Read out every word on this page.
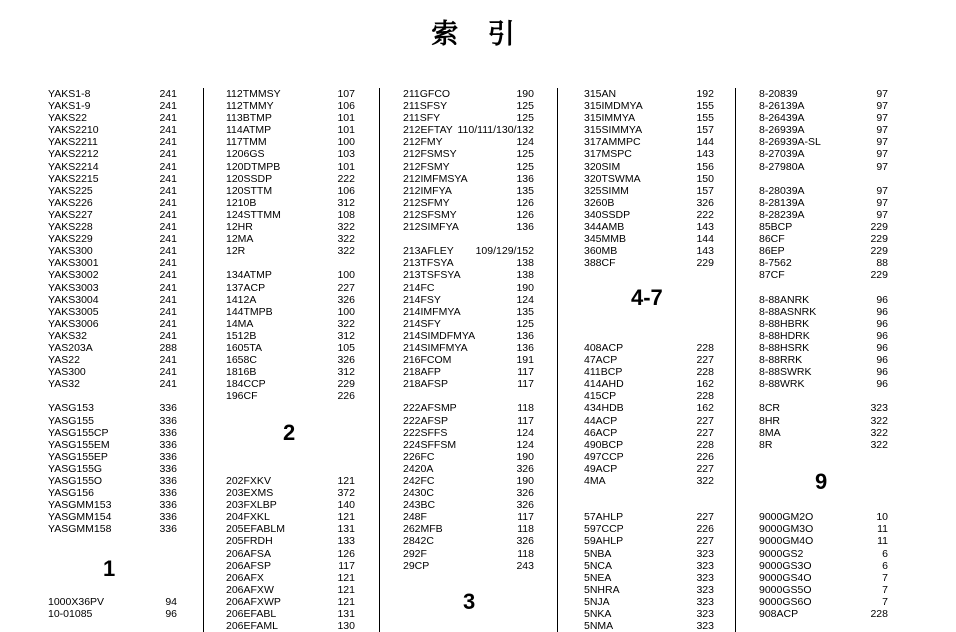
索 引
YAKS1-8	241
YAKS1-9	241
YAKS22	241
YAKS2210	241
YAKS2211	241
YAKS2212	241
YAKS2214	241
YAKS2215	241
YAKS225	241
YAKS226	241
YAKS227	241
YAKS228	241
YAKS229	241
YAKS300	241
YAKS3001	241
YAKS3002	241
YAKS3003	241
YAKS3004	241
YAKS3005	241
YAKS3006	241
YAKS32	241
YAS203A	288
YAS22	241
YAS300	241
YAS32	241
YASG153	336
YASG155	336
YASG155CP	336
YASG155EM	336
YASG155EP	336
YASG155G	336
YASG155O	336
YASG156	336
YASGMM153	336
YASGMM154	336
YASGMM158	336
1000X36PV	94
10-01085	96
112TMMSY	107
112TMMY	106
113BTMP	101
114ATMP	101
117TMM	100
1206GS	103
120DTMPB	101
120SSDP	222
120STTM	106
1210B	312
124STTMM	108
12HR	322
12MA	322
12R	322
134ATMP	100
137ACP	227
1412A	326
144TMPB	100
14MA	322
1512B	312
1605TA	105
1658C	326
1816B	312
184CCP	229
196CF	226
202FXKV	121
203EXMS	372
203FXLBP	140
204FXKL	121
205EFABLM	131
205FRDH	133
206AFSA	126
206AFSP	117
206AFX	121
206AFXW	121
206AFXWP	121
206EFABL	131
206EFAML	130
211GFCO	190
211SFSY	125
211SFY	125
212EFTAY 110/111/130/132
212FMY	124
212FSMSY	125
212FSMY	125
212IMFMSYA	136
212IMFYA	135
212SFMY	126
212SFSMY	126
212SIMFYA	136
213AFLEY 109/129/152
213TFSYA	138
213TSFSYA	138
214FC	190
214FSY	124
214IMFMYA	135
214SFY	125
214SIMDFMYA	136
214SIMFMYA	136
216FCOM	191
218AFP	117
218AFSP	117
222AFSMP	118
222AFSP	117
222SFFS	124
224SFFSM	124
226FC	190
2420A	326
242FC	190
2430C	326
243BC	326
248F	117
262MFB	118
2842C	326
292F	118
29CP	243
315AN	192
315IMDMYA	155
315IMMYA	155
315SIMMYA	157
317AMMPC	144
317MSPC	143
320SIM	156
320TSWMA	150
325SIMM	157
3260B	326
340SSDP	222
344AMB	143
345MMB	144
360MB	143
388CF	229
408ACP	228
47ACP	227
411BCP	228
414AHD	162
415CP	228
434HDB	162
44ACP	227
46ACP	227
490BCP	228
497CCP	226
49ACP	227
4MA	322
57AHLP	227
597CCP	226
59AHLP	227
5NBA	323
5NCA	323
5NEA	323
5NHRA	323
5NJA	323
5NKA	323
5NMA	323
8-20839	97
8-26139A	97
8-26439A	97
8-26939A	97
8-26939A-SL	97
8-27039A	97
8-27980A	97
8-28039A	97
8-28139A	97
8-28239A	97
85BCP	229
86CF	229
86EP	229
8-7562	88
87CF	229
8-88ANRK	96
8-88ASNRK	96
8-88HBRK	96
8-88HDRK	96
8-88HSRK	96
8-88RRK	96
8-88SWRK	96
8-88WRK	96
8CR	323
8HR	322
8MA	322
8R	322
9000GM2O	10
9000GM3O	11
9000GM4O	11
9000GS2	6
9000GS3O	6
9000GS4O	7
9000GS5O	7
9000GS6O	7
908ACP	228
1
2
3
4-7
9
